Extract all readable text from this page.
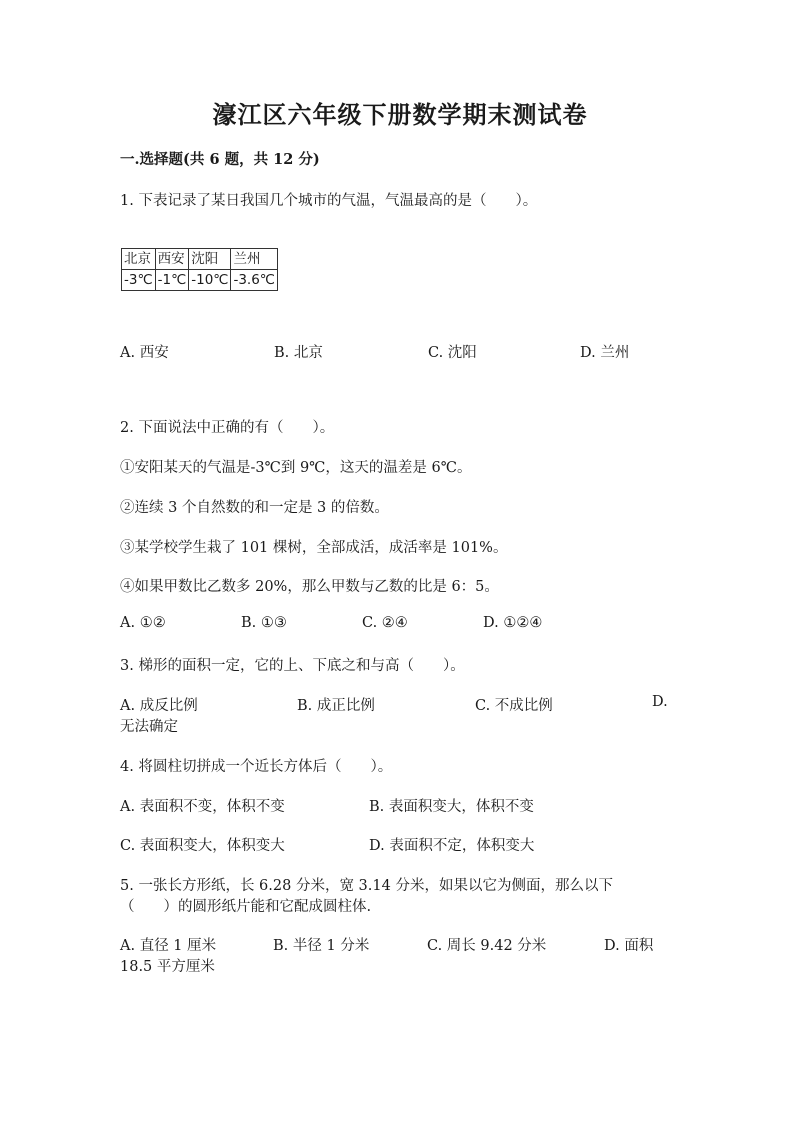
濠江区六年级下册数学期末测试卷
一.选择题(共 6 题，共 12 分)
1. 下表记录了某日我国几个城市的气温，气温最高的是（　　）。
北京	西安	沈阳	兰州
-3℃	-1℃	-10℃	-3.6℃
A. 西安	B. 北京	C. 沈阳	D. 兰州
2. 下面说法中正确的有（　　）。
①安阳某天的气温是-3℃到 9℃，这天的温差是 6℃。
②连续 3 个自然数的和一定是 3 的倍数。
③某学校学生栽了 101 棵树，全部成活，成活率是 101%。
④如果甲数比乙数多 20%，那么甲数与乙数的比是 6：5。
A. ①②	B. ①③	C. ②④	D. ①②④
3. 梯形的面积一定，它的上、下底之和与高（　　）。
A. 成反比例	B. 成正比例	C. 不成比例	D.
无法确定
4. 将圆柱切拼成一个近长方体后（　　）。
A. 表面积不变，体积不变	B. 表面积变大，体积不变
C. 表面积变大，体积变大	D. 表面积不定，体积变大
5. 一张长方形纸，长 6.28 分米，宽 3.14 分米，如果以它为侧面，那么以下
（　　）的圆形纸片能和它配成圆柱体.
A. 直径 1 厘米	B. 半径 1 分米	C. 周长 9.42 分米	D. 面积
18.5 平方厘米
